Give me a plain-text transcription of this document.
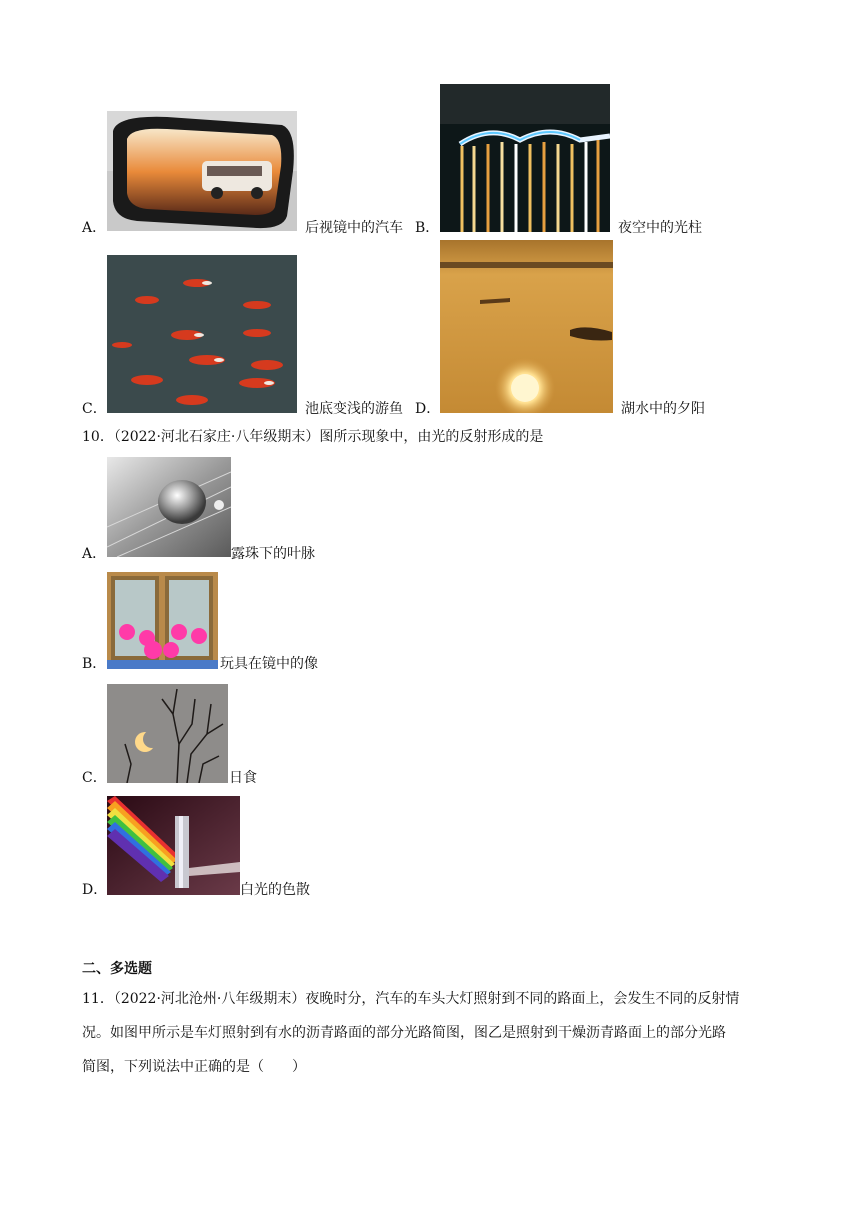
A．	后视镜中的汽车 B．	夜空中的光柱
C．	池底变浅的游鱼 D．	湖水中的夕阳
10．（2022·河北石家庄·八年级期末）图所示现象中，由光的反射形成的是
A．	露珠下的叶脉
B．	玩具在镜中的像
C．	日食
D．	白光的色散
二、多选题
11．（2022·河北沧州·八年级期末）夜晚时分，汽车的车头大灯照射到不同的路面上，会发生不同的反射情
况。如图甲所示是车灯照射到有水的沥青路面的部分光路简图，图乙是照射到干燥沥青路面上的部分光路
简图，下列说法中正确的是（　　）
